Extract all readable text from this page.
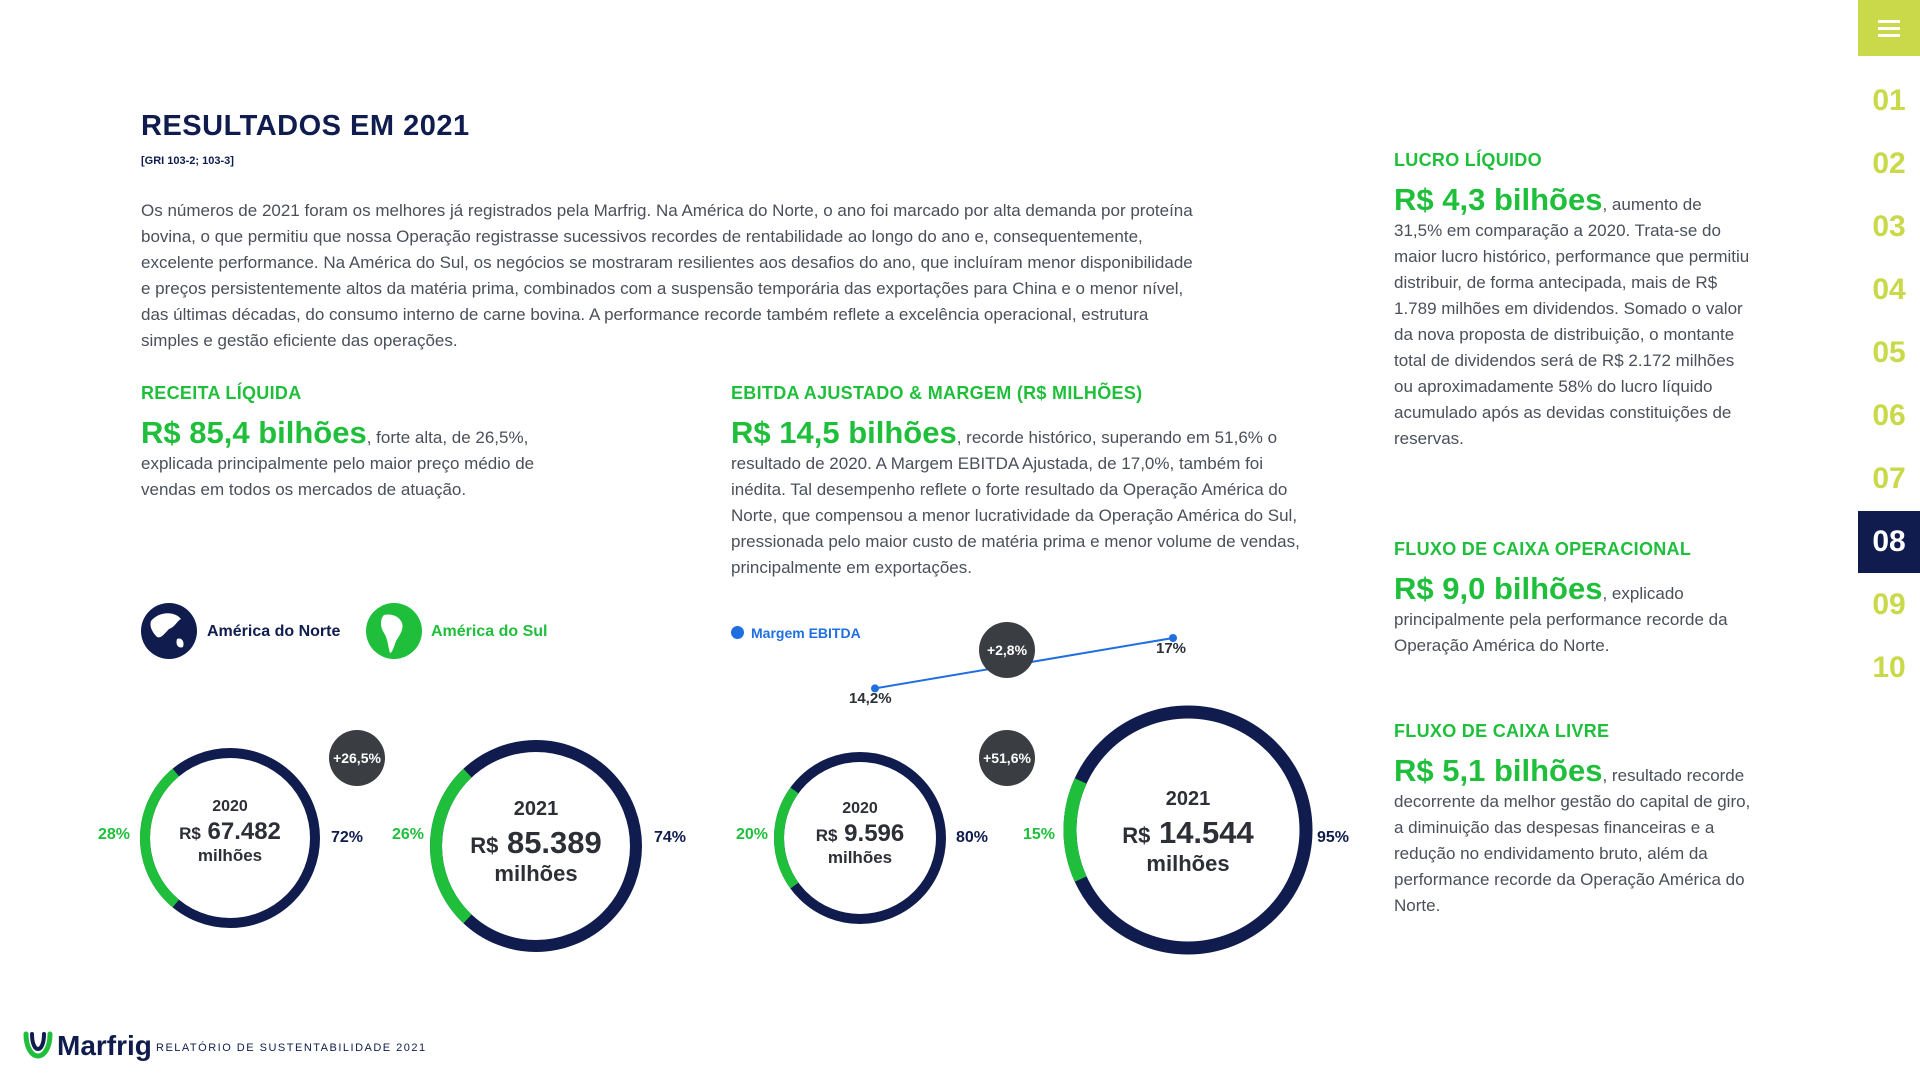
RESULTADOS EM 2021
[GRI 103-2; 103-3]

Os números de 2021 foram os melhores já registrados pela Marfrig. Na América do Norte, o ano foi marcado por alta demanda por proteína bovina, o que permitiu que nossa Operação registrasse sucessivos recordes de rentabilidade ao longo do ano e, consequentemente, excelente performance. Na América do Sul, os negócios se mostraram resilientes aos desafios do ano, que incluíram menor disponibilidade e preços persistentemente altos da matéria prima, combinados com a suspensão temporária das exportações para China e o menor nível, das últimas décadas, do consumo interno de carne bovina. A performance recorde também reflete a excelência operacional, estrutura simples e gestão eficiente das operações.

RECEITA LÍQUIDA

R$ 85,4 bilhões, forte alta, de 26,5%, explicada principalmente pelo maior preço médio de vendas em todos os mercados de atuação.

EBITDA AJUSTADO & MARGEM (R$ MILHÕES)

R$ 14,5 bilhões, recorde histórico, superando em 51,6% o resultado de 2020. A Margem EBITDA Ajustada, de 17,0%, também foi inédita. Tal desempenho reflete o forte resultado da Operação América do Norte, que compensou a menor lucratividade da Operação América do Sul, pressionada pelo maior custo de matéria prima e menor volume de vendas, principalmente em exportações.

América do Norte	América do Sul	Margem EBITDA
14,2%
17%
+2,8%
2020
R$ 67.482
milhões
28%	72%
+26,5%
2021
R$ 85.389
milhões
26%	74%
2020
R$ 9.596
milhões
20%	80%
+51,6%
2021
R$ 14.544
milhões
15%	95%
LUCRO LÍQUIDO

R$ 4,3 bilhões, aumento de 31,5% em comparação a 2020. Trata-se do maior lucro histórico, performance que permitiu distribuir, de forma antecipada, mais de R$ 1.789 milhões em dividendos. Somado o valor da nova proposta de distribuição, o montante total de dividendos será de R$ 2.172 milhões ou aproximadamente 58% do lucro líquido acumulado após as devidas constituições de reservas.

FLUXO DE CAIXA OPERACIONAL

R$ 9,0 bilhões, explicado principalmente pela performance recorde da Operação América do Norte.

FLUXO DE CAIXA LIVRE

R$ 5,1 bilhões, resultado recorde decorrente da melhor gestão do capital de giro, a diminuição das despesas financeiras e a redução no endividamento bruto, além da performance recorde da Operação América do Norte.

01
02
03
04
05
06
07
08
09
10
Marfrig RELATÓRIO DE SUSTENTABILIDADE 2021
